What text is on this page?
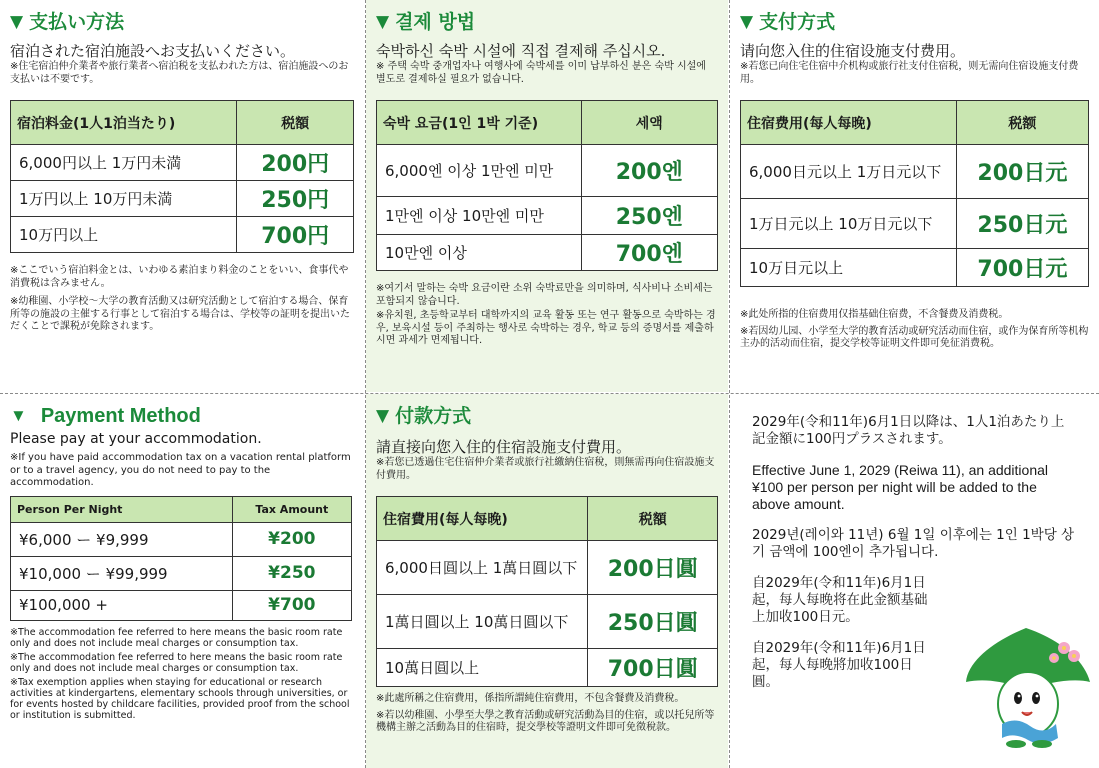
▼ 支払い方法
宿泊された宿泊施設へお支払いください。
※住宅宿泊仲介業者や旅行業者へ宿泊税を支払われた方は、宿泊施設へのお支払いは不要です。
宿泊料金(1人1泊当たり)	税額
6,000円以上 1万円未満	200円
1万円以上 10万円未満	250円
10万円以上	700円
※ここでいう宿泊料金とは、いわゆる素泊まり料金のことをいい、食事代や消費税は含みません。
※幼稚園、小学校～大学の教育活動又は研究活動として宿泊する場合、保育所等の施設の主催する行事として宿泊する場合は、学校等の証明を提出いただくことで課税が免除されます。
▼ 결제 방법
숙박하신 숙박 시설에 직접 결제해 주십시오.
※ 주택 숙박 중개업자나 여행사에 숙박세를 이미 납부하신 분은 숙박 시설에 별도로 결제하실 필요가 없습니다.
숙박 요금(1인 1박 기준)	세액
6,000엔 이상 1만엔 미만	200엔
1만엔 이상 10만엔 미만	250엔
10만엔 이상	700엔
※여기서 말하는 숙박 요금이란 소위 숙박료만을 의미하며, 식사비나 소비세는 포함되지 않습니다.
※유치원, 초등학교부터 대학까지의 교육 활동 또는 연구 활동으로 숙박하는 경우, 보육시설 등이 주최하는 행사로 숙박하는 경우, 학교 등의 증명서를 제출하시면 과세가 면제됩니다.
▼ 支付方式
请向您入住的住宿设施支付费用。
※若您已向住宅住宿中介机构或旅行社支付住宿税，则无需向住宿设施支付费用。
住宿费用(每人每晚)	税额
6,000日元以上 1万日元以下	200日元
1万日元以上 10万日元以下	250日元
10万日元以上	700日元
※此处所指的住宿费用仅指基础住宿费，不含餐费及消费税。
※若因幼儿园、小学至大学的教育活动或研究活动而住宿，或作为保育所等机构主办的活动而住宿，提交学校等证明文件即可免征消费税。
▼ Payment Method
Please pay at your accommodation.
※If you have paid accommodation tax on a vacation rental platform or to a travel agency, you do not need to pay to the accommodation.
Person Per Night	Tax Amount
¥6,000 ー ¥9,999	¥200
¥10,000 ー ¥99,999	¥250
¥100,000 +	¥700
※The accommodation fee referred to here means the basic room rate only and does not include meal charges or consumption tax.
※The accommodation fee referred to here means the basic room rate only and does not include meal charges or consumption tax.
※Tax exemption applies when staying for educational or research activities at kindergartens, elementary schools through universities, or for events hosted by childcare facilities, provided proof from the school or institution is submitted.
▼ 付款方式
請直接向您入住的住宿設施支付費用。
※若您已透過住宅住宿仲介業者或旅行社繳納住宿稅，則無需再向住宿設施支付費用。
住宿費用(每人每晚)	税額
6,000日圓以上 1萬日圓以下	200日圓
1萬日圓以上 10萬日圓以下	250日圓
10萬日圓以上	700日圓
※此處所稱之住宿費用，係指所謂純住宿費用，不包含餐費及消費稅。
※若以幼稚園、小學至大學之教育活動或研究活動為目的住宿，或以托兒所等機構主辦之活動為目的住宿時，提交學校等證明文件即可免徵稅款。

2029年(令和11年)6月1日以降は、1人1泊あたり上記金額に100円プラスされます。

Effective June 1, 2029 (Reiwa 11), an additional ¥100 per person per night will be added to the above amount.

2029년(레이와 11년) 6월 1일 이후에는 1인 1박당 상기 금액에 100엔이 추가됩니다.

自2029年(令和11年)6月1日起，每人每晚将在此金额基础上加收100日元。

自2029年(令和11年)6月1日起，每人每晚將加收100日圓。
